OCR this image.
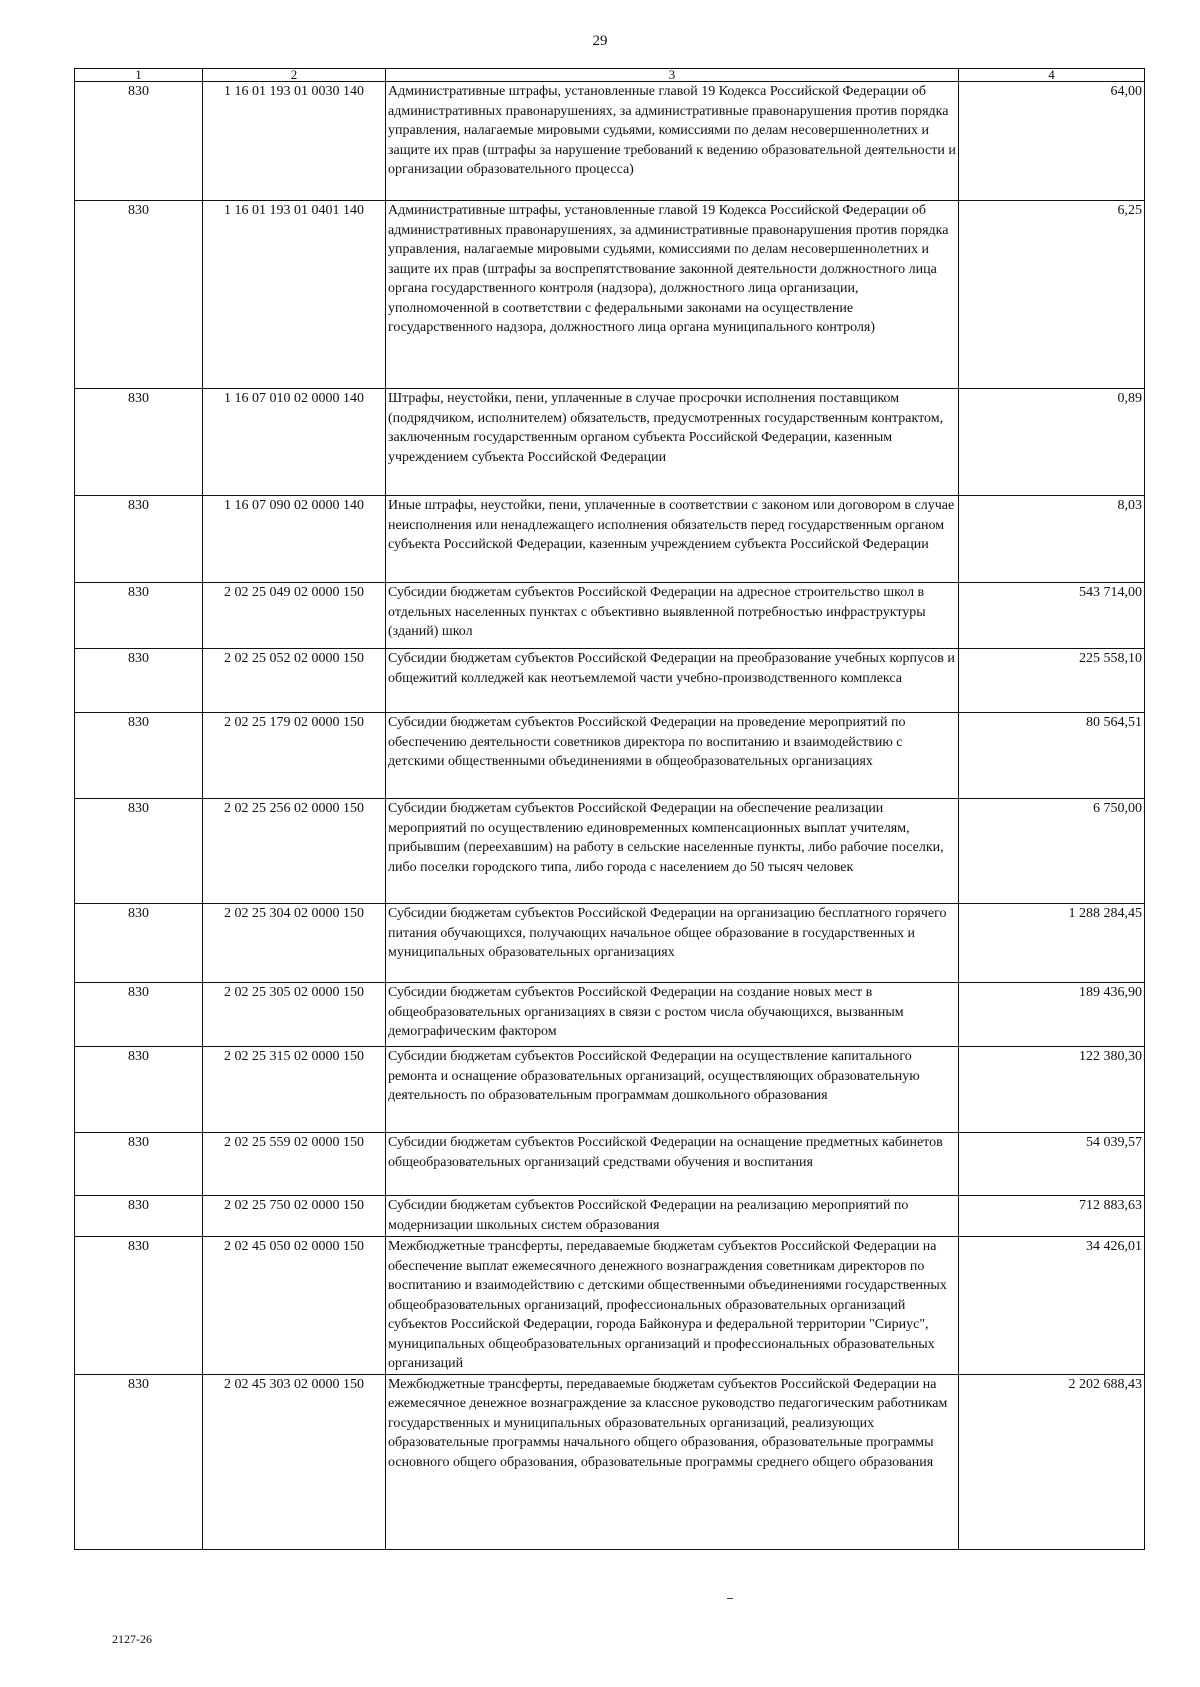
29
1	2	3	4
830	1 16 01 193 01 0030 140	Административные штрафы, установленные главой 19 Кодекса Российской Федерации об административных правонарушениях, за административные правонарушения против порядка управления, налагаемые мировыми судьями, комиссиями по делам несовершеннолетних и защите их прав (штрафы за нарушение требований к ведению образовательной деятельности и организации образовательного процесса)	64,00
830	1 16 01 193 01 0401 140	Административные штрафы, установленные главой 19 Кодекса Российской Федерации об административных правонарушениях, за административные правонарушения против порядка управления, налагаемые мировыми судьями, комиссиями по делам несовершеннолетних и защите их прав (штрафы за воспрепятствование законной деятельности должностного лица органа государственного контроля (надзора), должностного лица организации, уполномоченной в соответствии с федеральными законами на осуществление государственного надзора, должностного лица органа муниципального контроля)	6,25
830	1 16 07 010 02 0000 140	Штрафы, неустойки, пени, уплаченные в случае просрочки исполнения поставщиком (подрядчиком, исполнителем) обязательств, предусмотренных государственным контрактом, заключенным государственным органом субъекта Российской Федерации, казенным учреждением субъекта Российской Федерации	0,89
830	1 16 07 090 02 0000 140	Иные штрафы, неустойки, пени, уплаченные в соответствии с законом или договором в случае неисполнения или ненадлежащего исполнения обязательств перед государственным органом субъекта Российской Федерации, казенным учреждением субъекта Российской Федерации	8,03
830	2 02 25 049 02 0000 150	Субсидии бюджетам субъектов Российской Федерации на адресное строительство школ в отдельных населенных пунктах с объективно выявленной потребностью инфраструктуры (зданий) школ	543 714,00
830	2 02 25 052 02 0000 150	Субсидии бюджетам субъектов Российской Федерации на преобразование учебных корпусов и общежитий колледжей как неотъемлемой части учебно-производственного комплекса	225 558,10
830	2 02 25 179 02 0000 150	Субсидии бюджетам субъектов Российской Федерации на проведение мероприятий по обеспечению деятельности советников директора по воспитанию и взаимодействию с детскими общественными объединениями в общеобразовательных организациях	80 564,51
830	2 02 25 256 02 0000 150	Субсидии бюджетам субъектов Российской Федерации на обеспечение реализации мероприятий по осуществлению единовременных компенсационных выплат учителям, прибывшим (переехавшим) на работу в сельские населенные пункты, либо рабочие поселки, либо поселки городского типа, либо города с населением до 50 тысяч человек	6 750,00
830	2 02 25 304 02 0000 150	Субсидии бюджетам субъектов Российской Федерации на организацию бесплатного горячего питания обучающихся, получающих начальное общее образование в государственных и муниципальных образовательных организациях	1 288 284,45
830	2 02 25 305 02 0000 150	Субсидии бюджетам субъектов Российской Федерации на создание новых мест в общеобразовательных организациях в связи с ростом числа обучающихся, вызванным демографическим фактором	189 436,90
830	2 02 25 315 02 0000 150	Субсидии бюджетам субъектов Российской Федерации на осуществление капитального ремонта и оснащение образовательных организаций, осуществляющих образовательную деятельность по образовательным программам дошкольного образования	122 380,30
830	2 02 25 559 02 0000 150	Субсидии бюджетам субъектов Российской Федерации на оснащение предметных кабинетов общеобразовательных организаций средствами обучения и воспитания	54 039,57
830	2 02 25 750 02 0000 150	Субсидии бюджетам субъектов Российской Федерации на реализацию мероприятий по модернизации школьных систем образования	712 883,63
830	2 02 45 050 02 0000 150	Межбюджетные трансферты, передаваемые бюджетам субъектов Российской Федерации на обеспечение выплат ежемесячного денежного вознаграждения советникам директоров по воспитанию и взаимодействию с детскими общественными объединениями государственных общеобразовательных организаций, профессиональных образовательных организаций субъектов Российской Федерации, города Байконура и федеральной территории "Сириус", муниципальных общеобразовательных организаций и профессиональных образовательных организаций	34 426,01
830	2 02 45 303 02 0000 150	Межбюджетные трансферты, передаваемые бюджетам субъектов Российской Федерации на ежемесячное денежное вознаграждение за классное руководство педагогическим работникам государственных и муниципальных образовательных организаций, реализующих образовательные программы начального общего образования, образовательные программы основного общего образования, образовательные программы среднего общего образования	2 202 688,43
2127-26
